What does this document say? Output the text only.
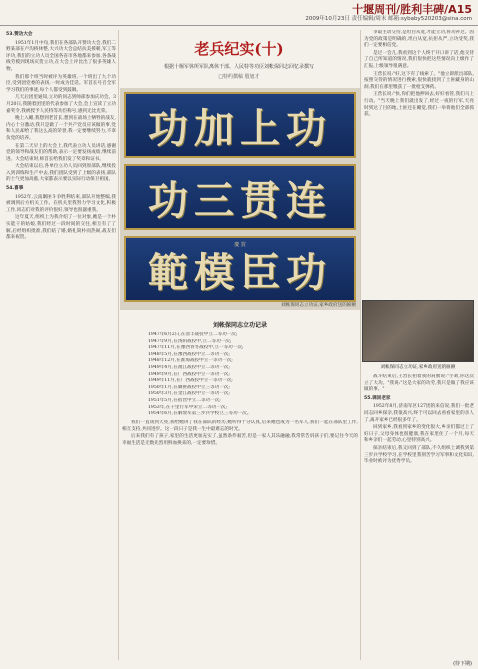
十堰周刊/胜利丰碑/A15
2009年10月23日 责任编辑/周末 邮箱:sybaby520203@sina.com

53.赞功大会

1951年1月中旬,我们在各部队开赞功大会,我们二野某部在卢沟桥休整,大兴功大会总结抗美援朝,军工等评功,我们的立功人员全国各省市各地都来参加,各条战线劳模到现场庆贺立功,在大会上评比出了很多英雄人物。

我们那个班当时被评为英雄班,一个班出了九个功臣,受到团党委的表扬,一时成为佳话。军首长号召全军学习我们的事迹,每个人都受到鼓舞。

几天后团里通知,立功的同志到师部参加庆功会。3月20日,我随着团里的代表参加了大会,会上宣读了立功嘉奖令,我被授予人民特等功臣称号,感到无比光荣。

晚上入睡,我想到老首长,想到在战场上牺牲的战友,内心十分激动,我只是做了一个共产党员应该做的事,党和人民却给了我这么高的荣誉,我一定要继续努力,不辜负党的培养。

在第二天早上的大会上,我代表立功人员讲话,感谢党的领导和战友们的帮助,表示一定要发扬成绩,继续前进。大会结束时,师首长给我们发了奖章和证书。

大会结束以后,各单位立功人员回到原部队,继续投入到训练和生产中去,我们团队受到了上级的表扬,部队的士气更加高涨,大家都表示要以实际行动保卫祖国。

54.喜事

1952年,云南剿匪斗争胜利结束,部队开始整编,我被调到后方机关工作。在机关里我努力学习文化,积极工作,同志们对我的评价很好,领导也很器重我。

这年夏天,组织上为我介绍了一位对象,她是一个朴实能干的姑娘,我们经过一段时间的交往,相互有了了解,后经组织批准,我们结了婚,婚礼简朴而热闹,战友们都来祝贺。

老兵纪实(十)
根据十堰军休所军队离休干部、人民特等功臣刘帐保同志回忆录撰写
□特约撰稿 殷旭才
功加上功
功三贯连
慶 賀
範模臣功
刘帐保同志立功证,家乡政府送的匾额
刘帐保同志立功记录
1947年6月2日,在清丰战役中立二等功一次;
1947年9月,在汤阴战役中,立二等功一次;
1947年11月,在豫西青冬战役中,立一等功一次;
1948年5月,在豫西战役中立二等功一次;
1948年12月,在淮海战役中立一等功一次;
1949年4月,在渡江战役中立二等功一次;
1949年9月,在广西战役中立一等功一次;
1949年11月,在广西战役中立一等功一次;
1950年1月,在剿匪战役中立三等功一次;
1950年3月,在金江战役中立一等功一次;
1951年5月,在宿营中立二等功一次;
1953年,在千里行军中荣立二等功一次;
1954年6月,在解放军第三步兵学校立三等功一次。

我们一直谈到天亮,我给她讲了我在部队的经历,她听得十分认真,后来她也成为一名军人,我们一起在部队里工作,相互支持,共同进步。这一段日子是我一生中最难忘的时光。

后来我们有了孩子,家里的生活更加充实了,虽然条件艰苦,但是一家人其乐融融,我常常告诉孩子们,要记住今天的幸福生活是无数先烈用鲜血换来的,一定要珍惜。

争取主动交待,是坦白从宽,才能立功,将功补过。因为党的政策是明确的,坦白从宽,抗拒从严,立功受奖,我们一定要相信党。

是过一会儿,我看到这个人终于开口讲了话,他交待了自己所知道的情况,我们很快把这些情况向上级作了汇报,上级领导很满意。

王营长说:"好,这下有了线索了。"他立即派出部队,按照交待的情况进行搜索,很快就找到了土匪藏身的山洞,我们在那里缴获了一批枪支弹药。

王营长说:"快,你们把他押回去,好好看管,我们马上行动。"当天晚上我们就出发了,经过一夜的行军,天亮时到达了目的地,土匪还在睡觉,我们一举将他们全部抓获。

刘帐保同志立功证,家乡政府送的匾额

战斗结束后,王营长拍着我的肩膀说:"小刘,你这次立了大功。"我说:"这是大家的功劳,我只是做了我应该做的事。"

55.调回老家

1952年8月,济南军区127团的来信说,我们一批老同志回乡探亲,我很高兴,终于可以回去看看家里的亲人了,离开家乡已经很多年了。

回到家乡,我看到家乡的变化很大,乡亲们都过上了好日子,父母身体也很健康,我在家里住了一个月,每天和乡亲们一起劳动,心里特别高兴。

探亲结束后,我又回到了部队,不久组织上调我到第三步兵学校学习,在学校里我刻苦学习军事和文化知识,毕业时被评为优秀学员。

(待下期)
